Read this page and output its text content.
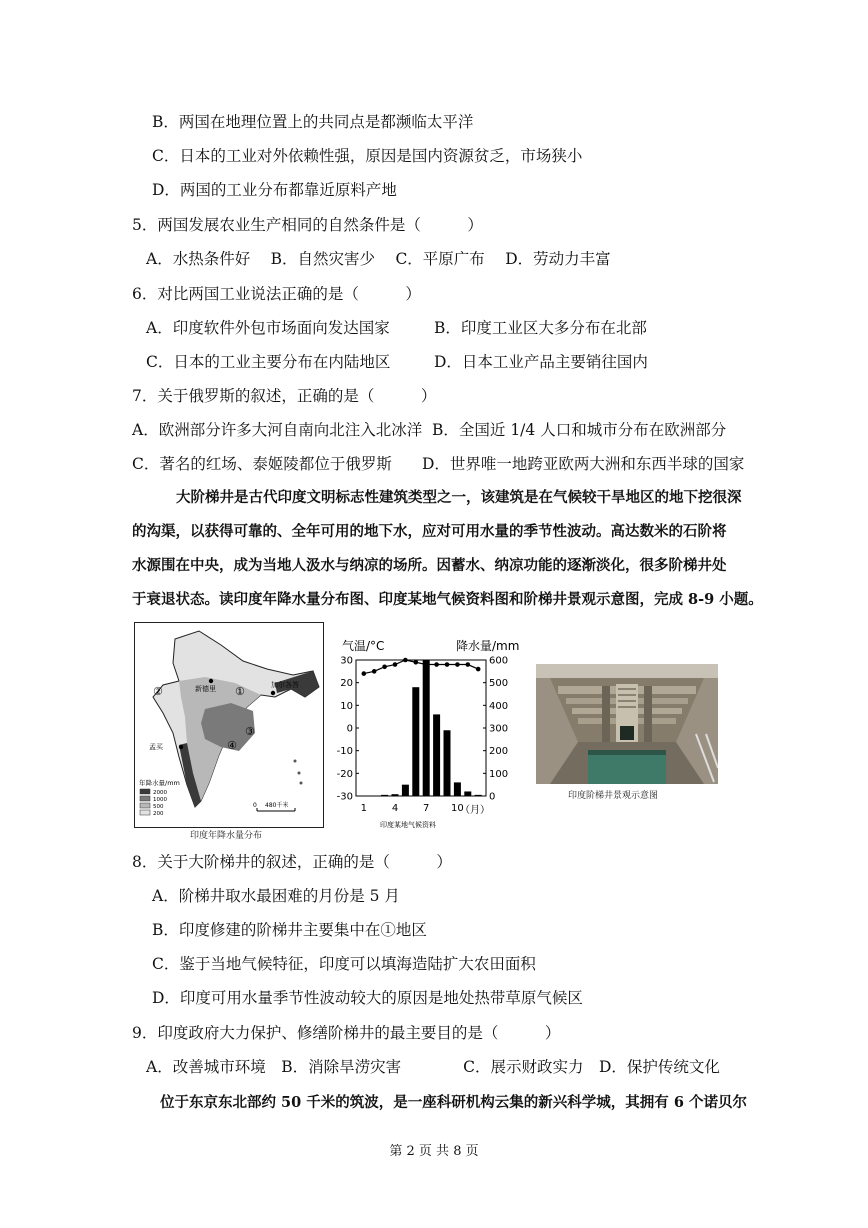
B．两国在地理位置上的共同点是都濒临太平洋
C．日本的工业对外依赖性强，原因是国内资源贫乏，市场狭小
D．两国的工业分布都靠近原料产地
5．两国发展农业生产相同的自然条件是（　　　）
A．水热条件好　 B．自然灾害少　 C．平原广布　 D．劳动力丰富
6．对比两国工业说法正确的是（　　　）
A．印度软件外包市场面向发达国家	B．印度工业区大多分布在北部
C．日本的工业主要分布在内陆地区	D．日本工业产品主要销往国内
7．关于俄罗斯的叙述，正确的是（　　　）
A．欧洲部分许多大河自南向北注入北冰洋 B．全国近 1/4 人口和城市分布在欧洲部分
C．著名的红场、泰姬陵都位于俄罗斯 D．世界唯一地跨亚欧两大洲和东西半球的国家
大阶梯井是古代印度文明标志性建筑类型之一，该建筑是在气候较干旱地区的地下挖很深
的沟渠，以获得可靠的、全年可用的地下水，应对可用水量的季节性波动。高达数米的石阶将
水源围在中央，成为当地人汲水与纳凉的场所。因蓄水、纳凉功能的逐渐淡化，很多阶梯井处
于衰退状态。读印度年降水量分布图、印度某地气候资料图和阶梯井景观示意图，完成 8-9 小题。
新德里
孟买
加尔各答
①
②
③
④
年降水量/mm
2000
1000
500
200
0 480千米
印度年降水量分布
气温/°C	降水量/mm
30
20
10
0
-10
-20
-30
600
500
400
300
200
100
0
1 4 7 10
（月）
印度某地气候资料
印度阶梯井景观示意图
8．关于大阶梯井的叙述，正确的是（　　　）
A．阶梯井取水最困难的月份是 5 月
B．印度修建的阶梯井主要集中在①地区
C．鉴于当地气候特征，印度可以填海造陆扩大农田面积
D．印度可用水量季节性波动较大的原因是地处热带草原气候区
9．印度政府大力保护、修缮阶梯井的最主要目的是（　　　）
A．改善城市环境　B．消除旱涝灾害　　　　C．展示财政实力　D．保护传统文化
位于东京东北部约 50 千米的筑波，是一座科研机构云集的新兴科学城，其拥有 6 个诺贝尔
第 2 页 共 8 页
